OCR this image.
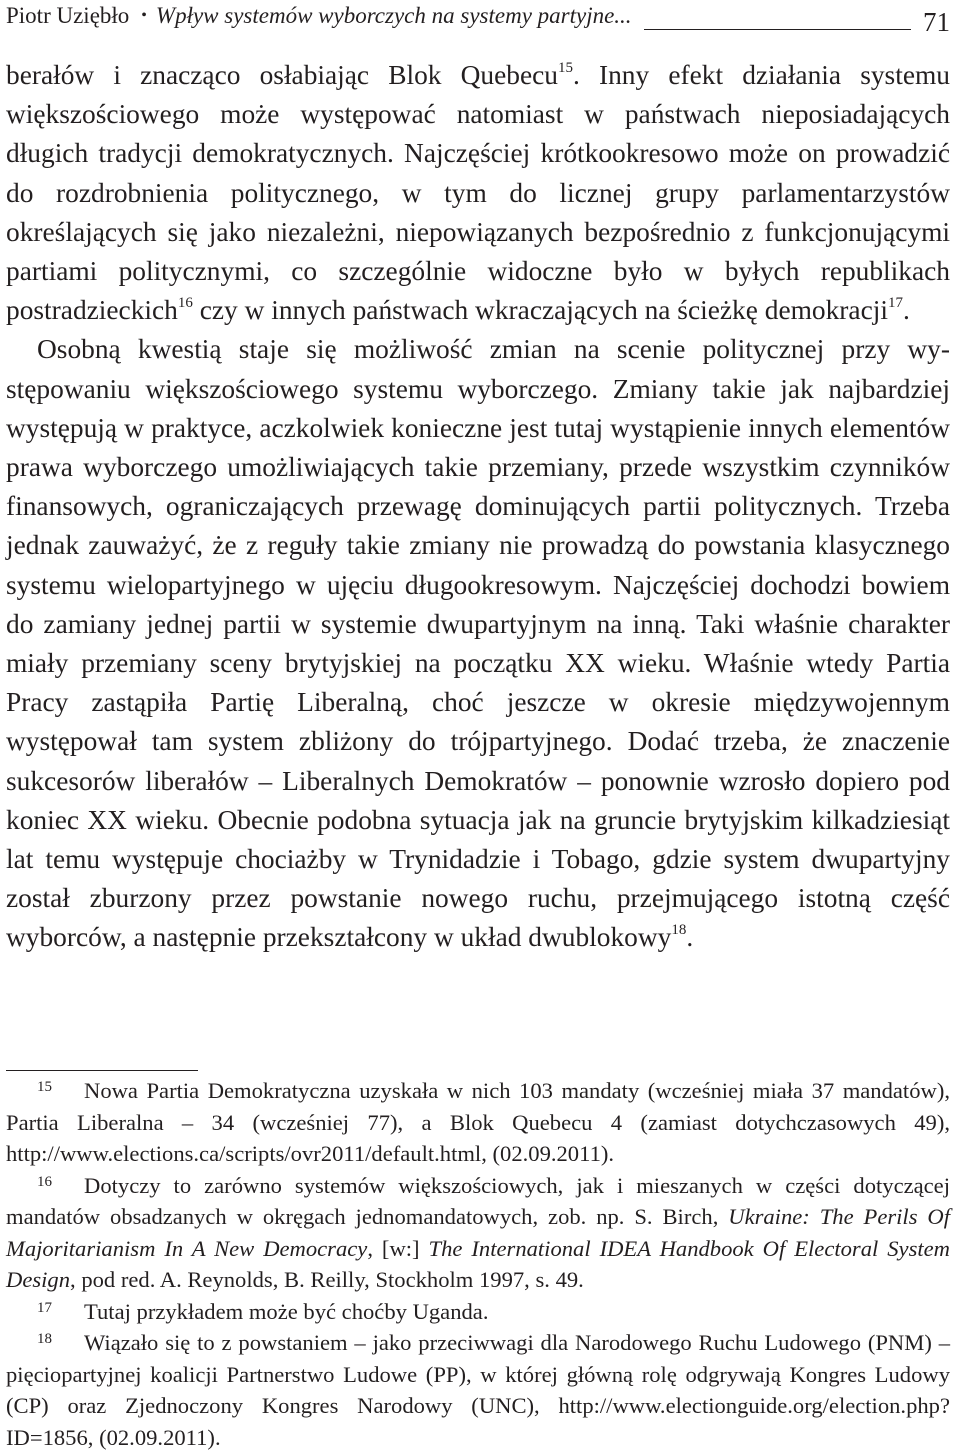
Piotr Uziębło • Wpływ systemów wyborczych na systemy partyjne...	71

berałów i znacząco osłabiając Blok Quebecu$^{15}$. Inny efekt działania systemu większościowego może występować natomiast w państwach nieposiadających długich tradycji demokratycznych. Najczęściej krótkookresowo może on prowadzić do rozdrobnienia politycznego, w tym do licznej grupy parlamentarzystów określających się jako niezależni, niepowiązanych bezpośrednio z funkcjonującymi partiami politycznymi, co szczególnie widoczne było w byłych republikach postradzieckich$^{16}$ czy w innych państwach wkraczających na ścieżkę demokracji$^{17}$.

Osobną kwestią staje się możliwość zmian na scenie politycznej przy występowaniu większościowego systemu wyborczego. Zmiany takie jak najbardziej występują w praktyce, aczkolwiek konieczne jest tutaj wystąpienie innych elementów prawa wyborczego umożliwiających takie przemiany, przede wszystkim czynników finansowych, ograniczających przewagę dominujących partii politycznych. Trzeba jednak zauważyć, że z reguły takie zmiany nie prowadzą do powstania klasycznego systemu wielopartyjnego w ujęciu długookresowym. Najczęściej dochodzi bowiem do zamiany jednej partii w systemie dwupartyjnym na inną. Taki właśnie charakter miały przemiany sceny brytyjskiej na początku XX wieku. Właśnie wtedy Partia Pracy zastąpiła Partię Liberalną, choć jeszcze w okresie międzywojennym występował tam system zbliżony do trójpartyjnego. Dodać trzeba, że znaczenie sukcesorów liberałów – Liberalnych Demokratów – ponownie wzrosło dopiero pod koniec XX wieku. Obecnie podobna sytuacja jak na gruncie brytyjskim kilkadziesiąt lat temu występuje chociażby w Trynidadzie i Tobago, gdzie system dwupartyjny został zburzony przez powstanie nowego ruchu, przejmującego istotną część wyborców, a następnie przekształcony w układ dwublokowy$^{18}$.

15 Nowa Partia Demokratyczna uzyskała w nich 103 mandaty (wcześniej miała 37 mandatów), Partia Liberalna – 34 (wcześniej 77), a Blok Quebecu 4 (zamiast dotychczasowych 49), http://www.elections.ca/scripts/ovr2011/default.html, (02.09.2011).

16 Dotyczy to zarówno systemów większościowych, jak i mieszanych w części dotyczącej mandatów obsadzanych w okręgach jednomandatowych, zob. np. S. Birch, Ukraine: The Perils Of Majoritarianism In A New Democracy, [w:] The International IDEA Handbook Of Electoral System Design, pod red. A. Reynolds, B. Reilly, Stockholm 1997, s. 49.

17 Tutaj przykładem może być choćby Uganda.

18 Wiązało się to z powstaniem – jako przeciwwagi dla Narodowego Ruchu Ludowego (PNM) – pięciopartyjnej koalicji Partnerstwo Ludowe (PP), w której główną rolę odgrywają Kongres Ludowy (CP) oraz Zjednoczony Kongres Narodowy (UNC), http://www.electionguide.org/election.php?ID=1856, (02.09.2011).
